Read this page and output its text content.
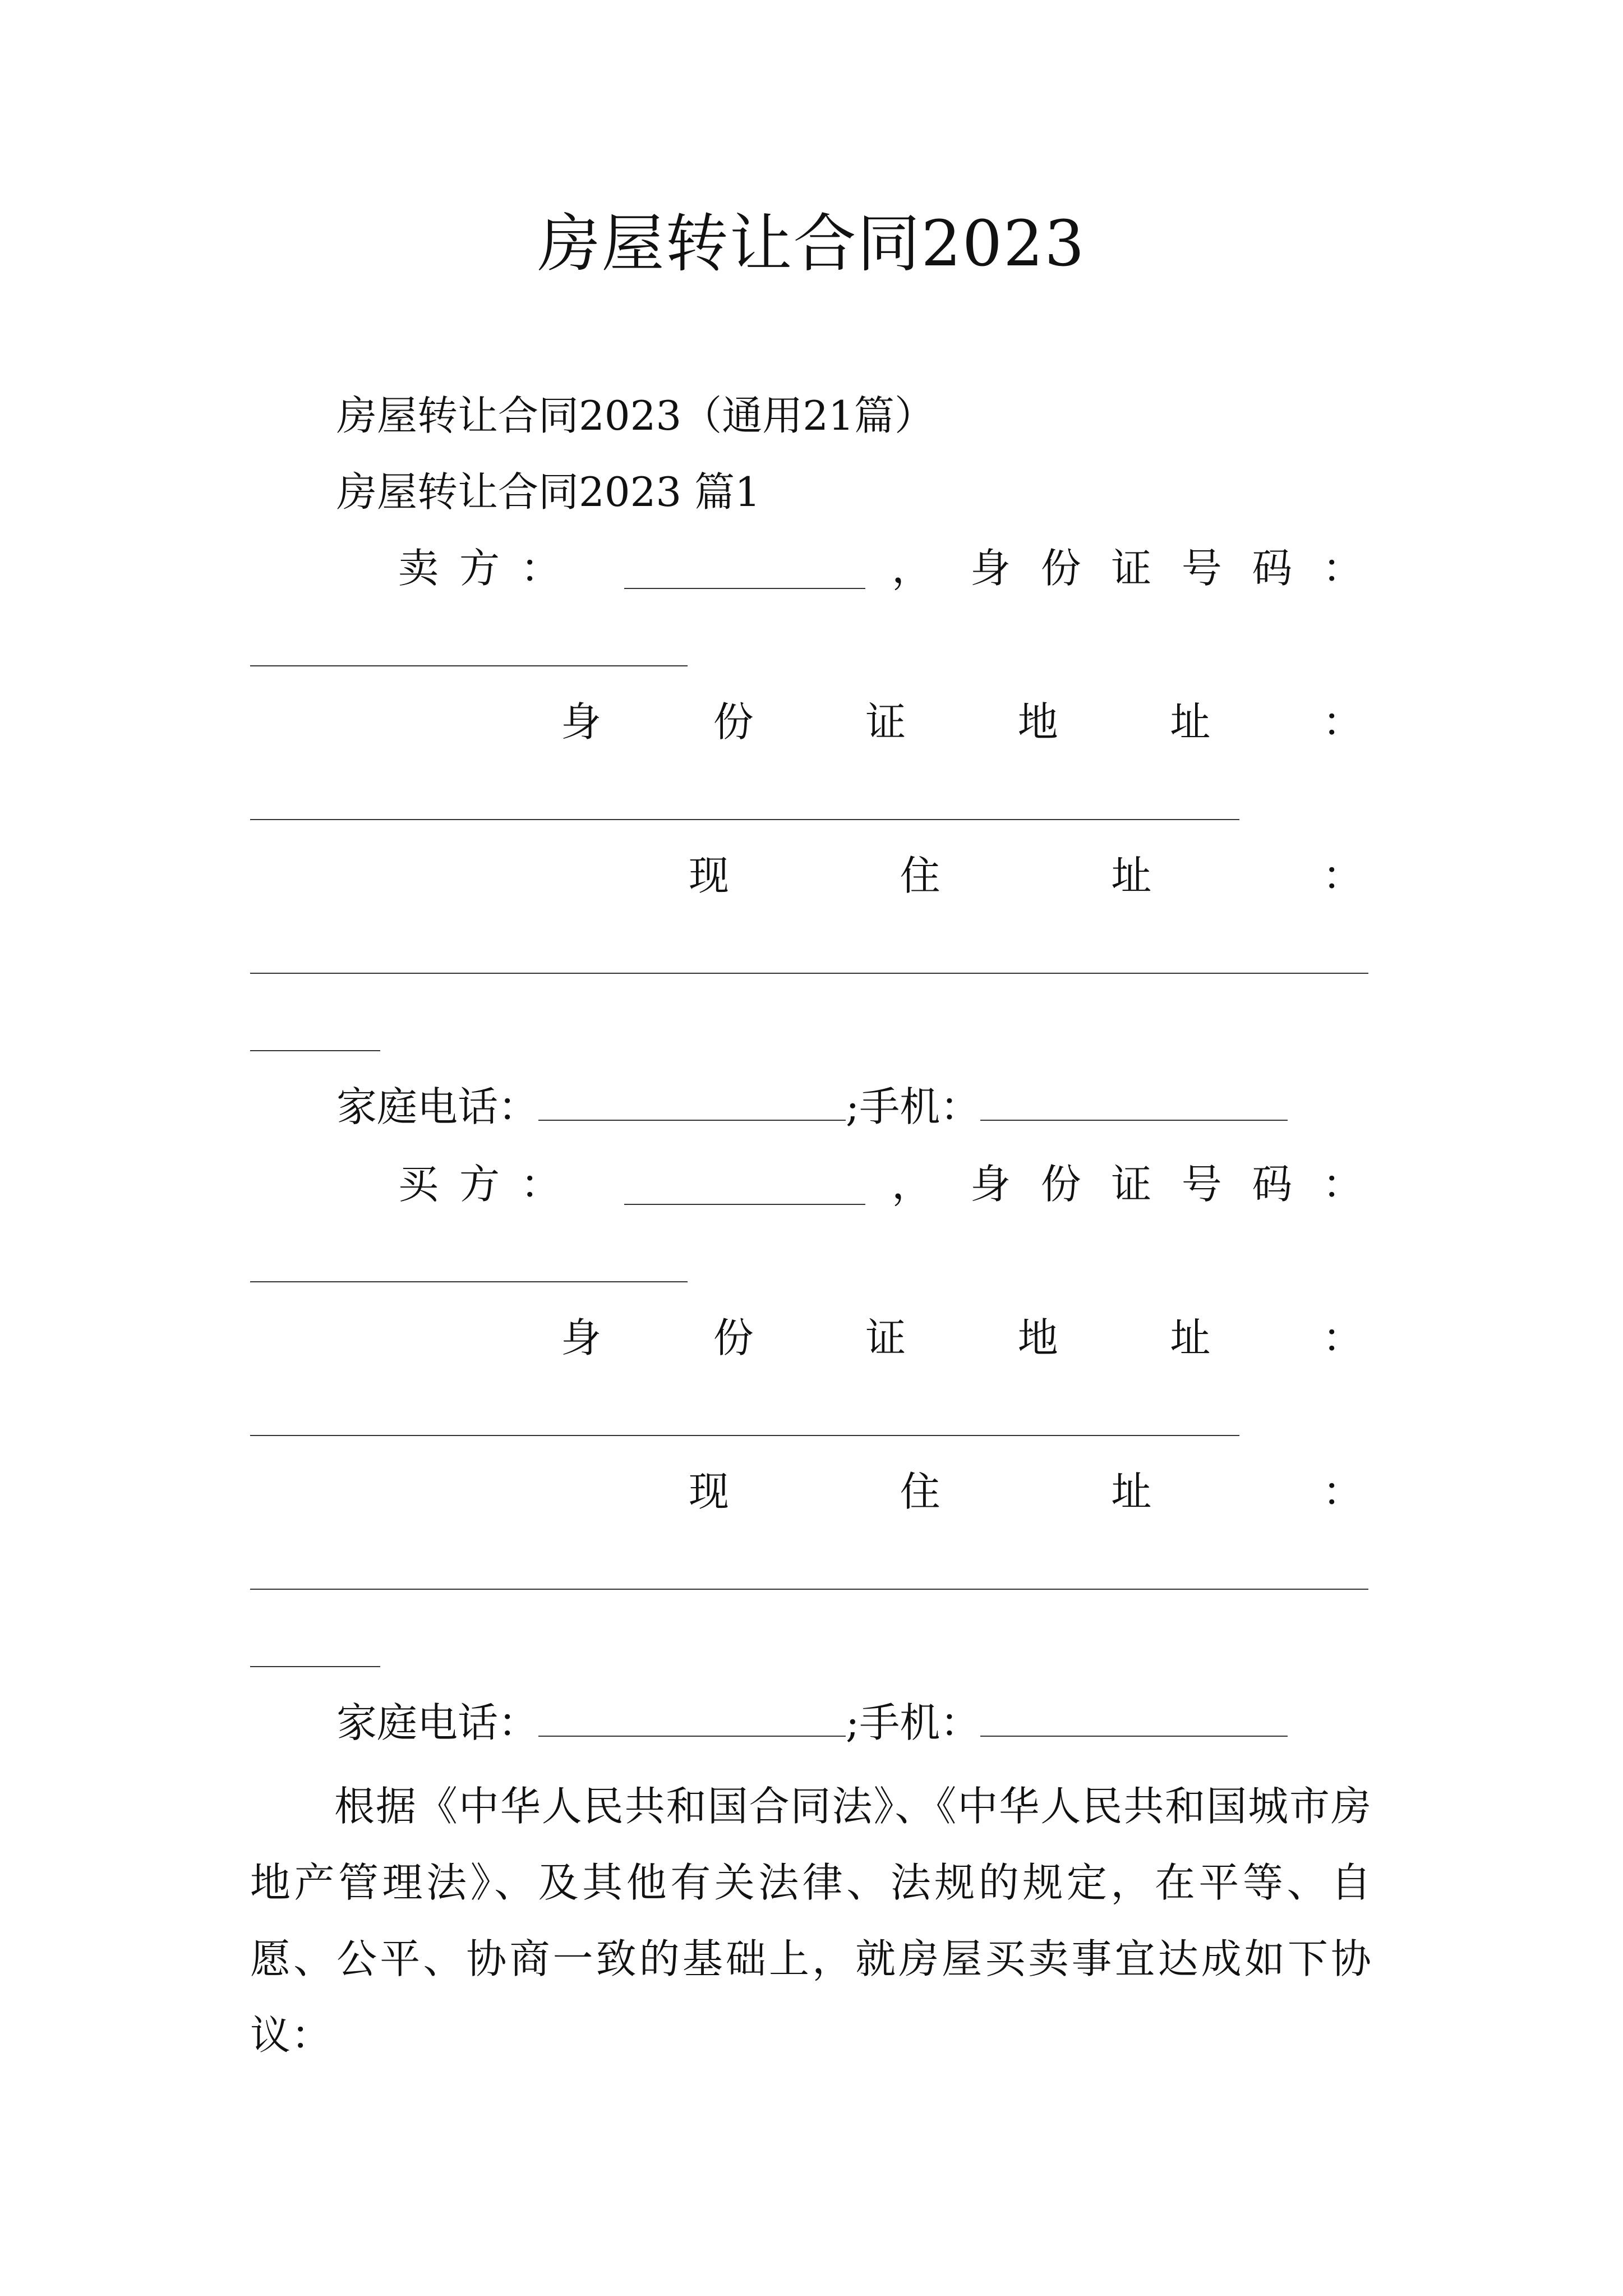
房屋转让合同2023
房屋转让合同2023（通用21篇）
房屋转让合同2023 篇1
卖 方 ：	， 身 份 证 号 码 ：
身	份	证	地	址	：
现	住	址	：
家庭电话：	;手机：
买 方 ：	， 身 份 证 号 码 ：
身	份	证	地	址	：
现	住	址	：
家庭电话：	;手机：
根据《中华人民共和国合同法》、《中华人民共和国城市房地产管理法》、及其他有关法律、法规的规定，在平等、自愿、公平、协商一致的基础上，就房屋买卖事宜达成如下协议：
